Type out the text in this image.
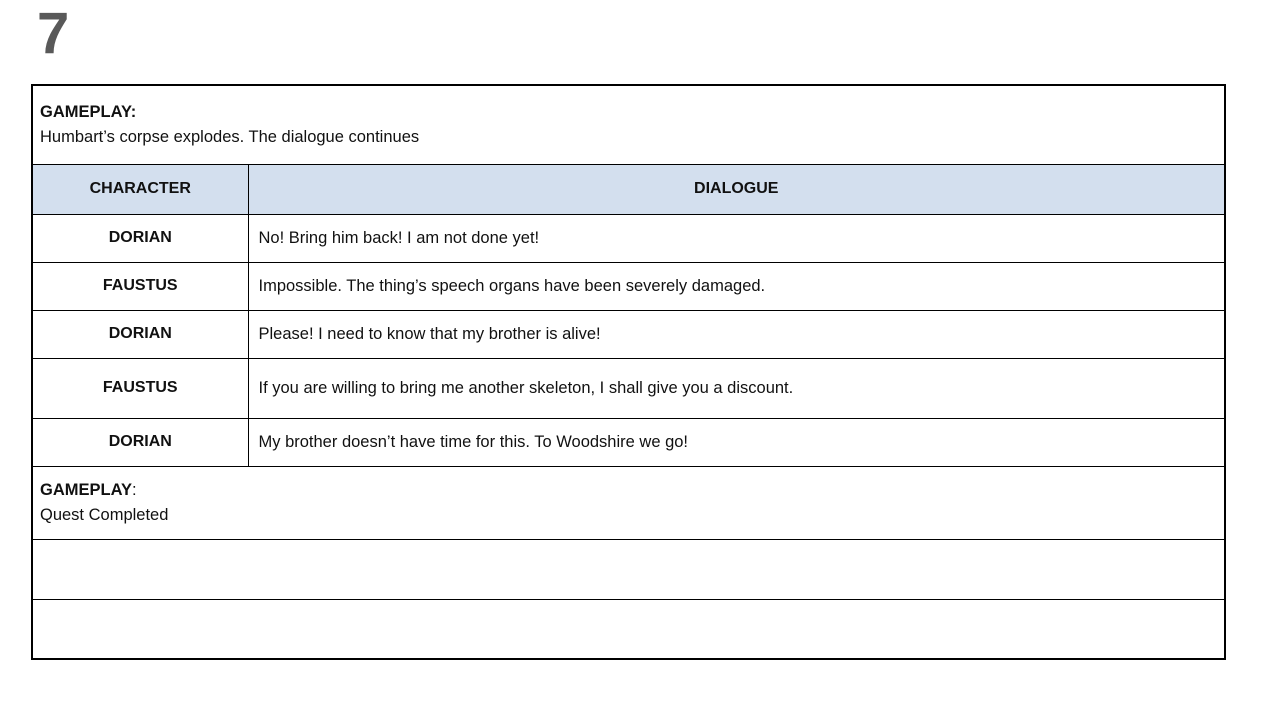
7
GAMEPLAY:
Humbart’s corpse explodes. The dialogue continues	

CHARACTER	DIALOGUE
DORIAN	No! Bring him back! I am not done yet!
FAUSTUS	Impossible. The thing’s speech organs have been severely damaged.
DORIAN	Please! I need to know that my brother is alive!
FAUSTUS	If you are willing to bring me another skeleton, I shall give you a discount.
DORIAN	My brother doesn’t have time for this. To Woodshire we go!

GAMEPLAY:
Quest Completed	
